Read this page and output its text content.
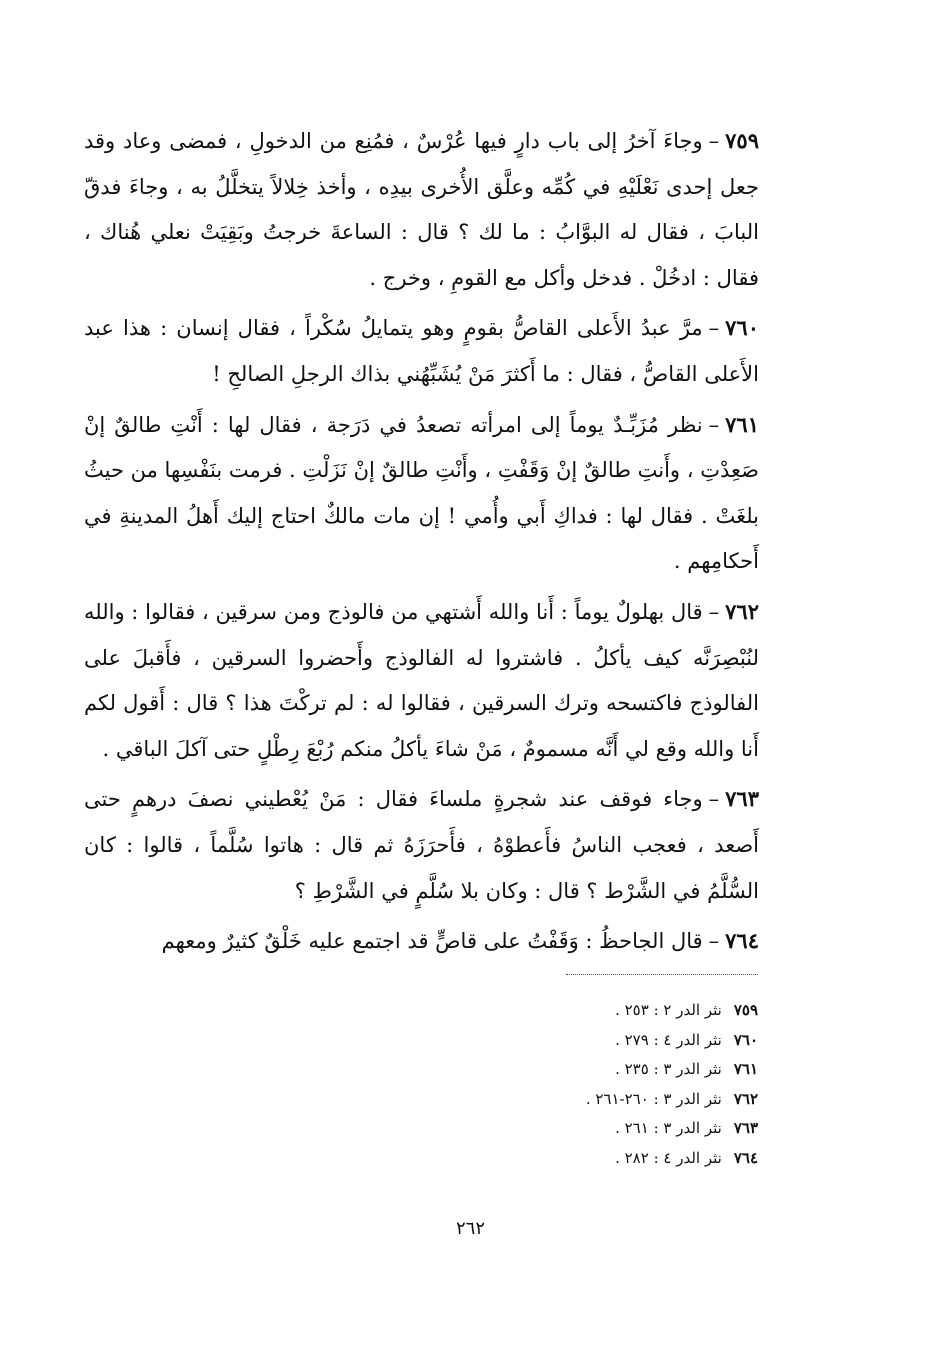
٧٥٩–وجاءَ آخرُ إلى باب دارٍ فيها عُرْسٌ ، فمُنِع من الدخولِ ، فمضى وعاد وقد جعل إحدى نَعْلَيْهِ في كُمِّه وعلَّق الأُخرى بيدِه ، وأخذ خِلالاً يتخلَّلُ به ، وجاءَ فدقّ البابَ ، فقال له البوَّابُ : ما لك ؟ قال : الساعةَ خرجتُ وبَقِيَتْ نعلي هُناك ، فقال : ادخُلْ . فدخل وأكل مع القومِ ، وخرج .

٧٦٠–مرَّ عبدُ الأَعلى القاصُّ بقومٍ وهو يتمايلُ سُكْراً ، فقال إنسان : هذا عبد الأَعلى القاصُّ ، فقال : ما أَكثرَ مَنْ يُشَبِّهُني بذاك الرجلِ الصالحِ !

٧٦١–نظر مُزَبِّـدٌ يوماً إلى امرأته تصعدُ في دَرَجة ، فقال لها : أَنْتِ طالقٌ إنْ صَعِدْتِ ، وأَنتِ طالقٌ إنْ وَقَفْتِ ، وأَنْتِ طالقٌ إنْ نَزَلْتِ . فرمت بنَفْسِها من حيثُ بلغَتْ . فقال لها : فداكِ أَبي وأُمي ! إن مات مالكٌ احتاج إليك أَهلُ المدينةِ في أَحكامِهم .

٧٦٢–قال بهلولٌ يوماً : أَنا والله أَشتهي من فالوذج ومن سرقين ، فقالوا : والله لنُبْصِرَنَّه كيف يأكلُ . فاشتروا له الفالوذج وأَحضروا السرقين ، فأَقبلَ على الفالوذج فاكتسحه وترك السرقين ، فقالوا له : لم تركْتَ هذا ؟ قال : أَقول لكم أَنا والله وقع لي أَنَّه مسمومٌ ، مَنْ شاءَ يأكلُ منكم رُبْعَ رِطْلٍ حتى آكلَ الباقي .

٧٦٣–وجاء فوقف عند شجرةٍ ملساءَ فقال : مَنْ يُعْطيني نصفَ درهمٍ حتى أَصعد ، فعجب الناسُ فأَعطوْهُ ، فأَحرَزَهُ ثم قال : هاتوا سُلَّماً ، قالوا : كان السُّلَّمُ في الشَّرْط ؟ قال : وكان بلا سُلَّمٍ في الشَّرْطِ ؟

٧٦٤–قال الجاحظُ : وَقَفْتُ على قاصٍّ قد اجتمع عليه خَلْقٌ كثيرٌ ومعهم

٧٥٩نثر الدر ٢ : ٢٥٣ .
٧٦٠نثر الدر ٤ : ٢٧٩ .
٧٦١نثر الدر ٣ : ٢٣٥ .
٧٦٢نثر الدر ٣ : ٢٦٠-٢٦١ .
٧٦٣نثر الدر ٣ : ٢٦١ .
٧٦٤نثر الدر ٤ : ٢٨٢ .
٢٦٢
